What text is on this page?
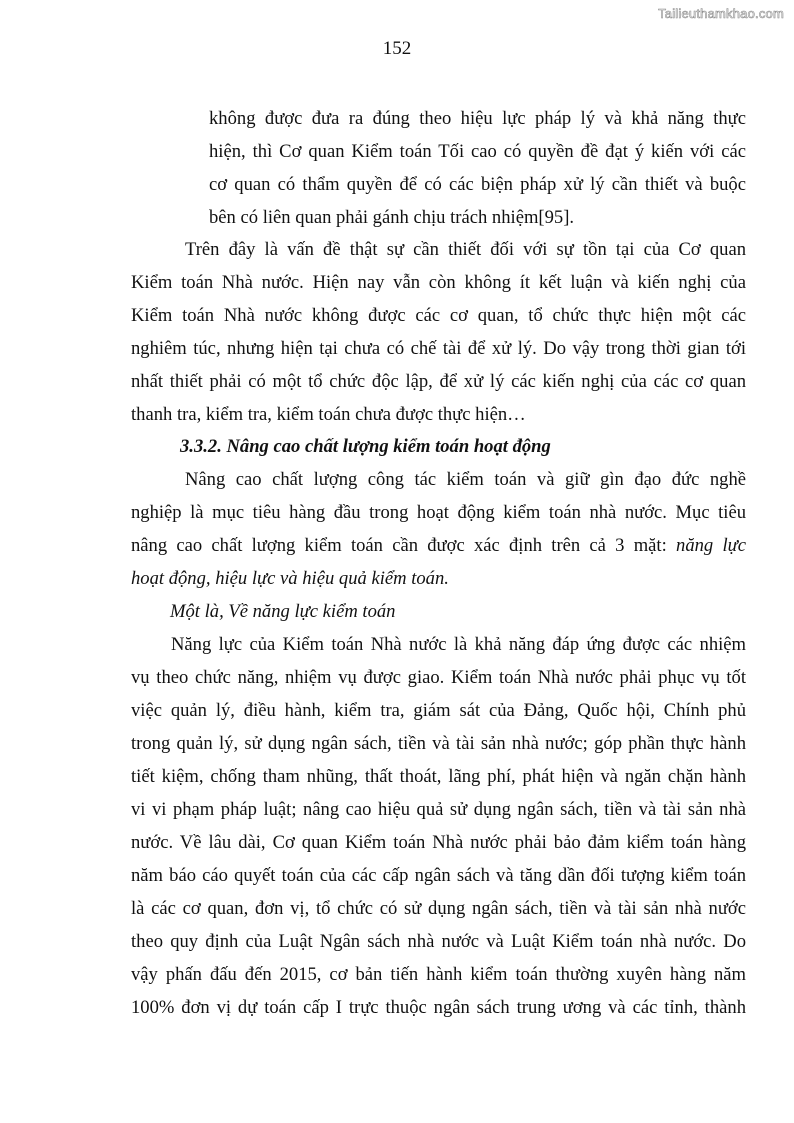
Tailieuthamkhao.com
152
không được đưa ra đúng theo hiệu lực pháp lý và khả năng thực
hiện, thì Cơ quan Kiểm toán Tối cao có quyền đề đạt ý kiến với các
cơ quan có thẩm quyền để có các biện pháp xử lý cần thiết và buộc
bên có liên quan phải gánh chịu trách nhiệm[95].
Trên đây là vấn đề thật sự cần thiết đối với sự tồn tại của Cơ quan
Kiểm toán Nhà nước. Hiện nay vẫn còn không ít kết luận và kiến nghị của
Kiểm toán Nhà nước không được các cơ quan, tổ chức thực hiện một các
nghiêm túc, nhưng hiện tại chưa có chế tài để xử lý. Do vậy trong thời gian tới
nhất thiết phải có một tổ chức độc lập, để xử lý các kiến nghị của các cơ quan
thanh tra, kiểm tra, kiểm toán chưa được thực hiện…
3.3.2. Nâng cao chất lượng kiểm toán hoạt động
Nâng cao chất lượng công tác kiểm toán và giữ gìn đạo đức nghề
nghiệp là mục tiêu hàng đầu trong hoạt động kiểm toán nhà nước. Mục tiêu
nâng cao chất lượng kiểm toán cần được xác định trên cả 3 mặt: năng lực
hoạt động, hiệu lực và hiệu quả kiểm toán.
Một là, Về năng lực kiểm toán
Năng lực của Kiểm toán Nhà nước là khả năng đáp ứng được các nhiệm
vụ theo chức năng, nhiệm vụ được giao. Kiểm toán Nhà nước phải phục vụ tốt
việc quản lý, điều hành, kiểm tra, giám sát của Đảng, Quốc hội, Chính phủ
trong quản lý, sử dụng ngân sách, tiền và tài sản nhà nước; góp phần thực hành
tiết kiệm, chống tham nhũng, thất thoát, lãng phí, phát hiện và ngăn chặn hành
vi vi phạm pháp luật; nâng cao hiệu quả sử dụng ngân sách, tiền và tài sản nhà
nước. Về lâu dài, Cơ quan Kiểm toán Nhà nước phải bảo đảm kiểm toán hàng
năm báo cáo quyết toán của các cấp ngân sách và tăng dần đối tượng kiểm toán
là các cơ quan, đơn vị, tổ chức có sử dụng ngân sách, tiền và tài sản nhà nước
theo quy định của Luật Ngân sách nhà nước và Luật Kiểm toán nhà nước. Do
vậy phấn đấu đến 2015, cơ bản tiến hành kiểm toán thường xuyên hàng năm
100% đơn vị dự toán cấp I trực thuộc ngân sách trung ương và các tỉnh, thành
